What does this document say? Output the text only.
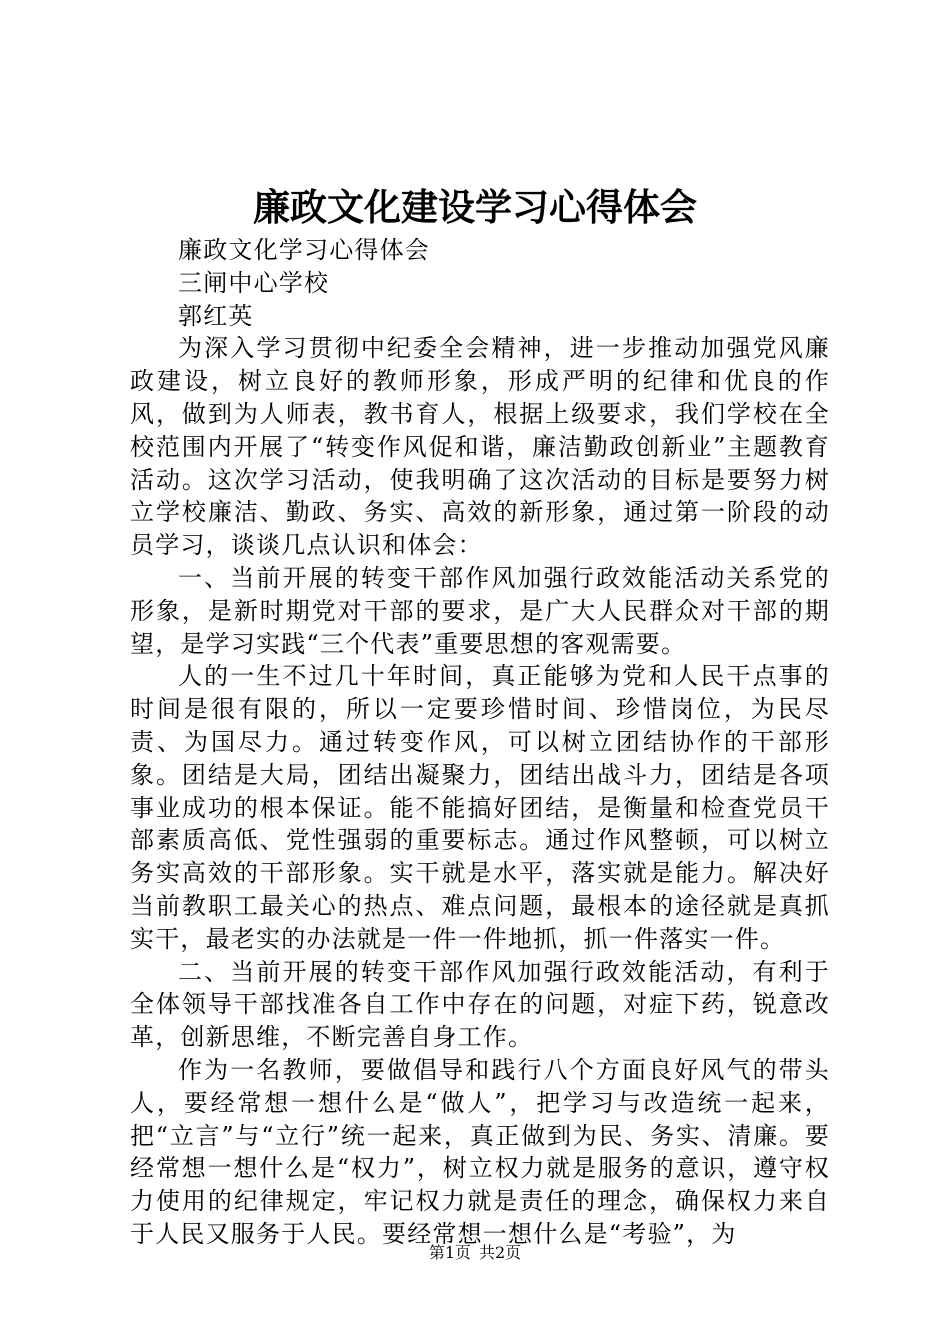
廉政文化建设学习心得体会

廉政文化学习心得体会

三闸中心学校

郭红英

为深入学习贯彻中纪委全会精神，进一步推动加强党风廉政建设，树立良好的教师形象，形成严明的纪律和优良的作风，做到为人师表，教书育人，根据上级要求，我们学校在全校范围内开展了“转变作风促和谐，廉洁勤政创新业”主题教育活动。这次学习活动，使我明确了这次活动的目标是要努力树立学校廉洁、勤政、务实、高效的新形象，通过第一阶段的动员学习，谈谈几点认识和体会：

一、当前开展的转变干部作风加强行政效能活动关系党的形象，是新时期党对干部的要求，是广大人民群众对干部的期望，是学习实践“三个代表”重要思想的客观需要。

人的一生不过几十年时间，真正能够为党和人民干点事的时间是很有限的，所以一定要珍惜时间、珍惜岗位，为民尽责、为国尽力。通过转变作风，可以树立团结协作的干部形象。团结是大局，团结出凝聚力，团结出战斗力，团结是各项事业成功的根本保证。能不能搞好团结，是衡量和检查党员干部素质高低、党性强弱的重要标志。通过作风整顿，可以树立务实高效的干部形象。实干就是水平，落实就是能力。解决好当前教职工最关心的热点、难点问题，最根本的途径就是真抓实干，最老实的办法就是一件一件地抓，抓一件落实一件。

二、当前开展的转变干部作风加强行政效能活动，有利于全体领导干部找准各自工作中存在的问题，对症下药，锐意改革，创新思维，不断完善自身工作。

作为一名教师，要做倡导和践行八个方面良好风气的带头人，要经常想一想什么是“做人”，把学习与改造统一起来，把“立言”与“立行”统一起来，真正做到为民、务实、清廉。要经常想一想什么是“权力”，树立权力就是服务的意识，遵守权力使用的纪律规定，牢记权力就是责任的理念，确保权力来自于人民又服务于人民。要经常想一想什么是“考验”，为

第1页 共2页
